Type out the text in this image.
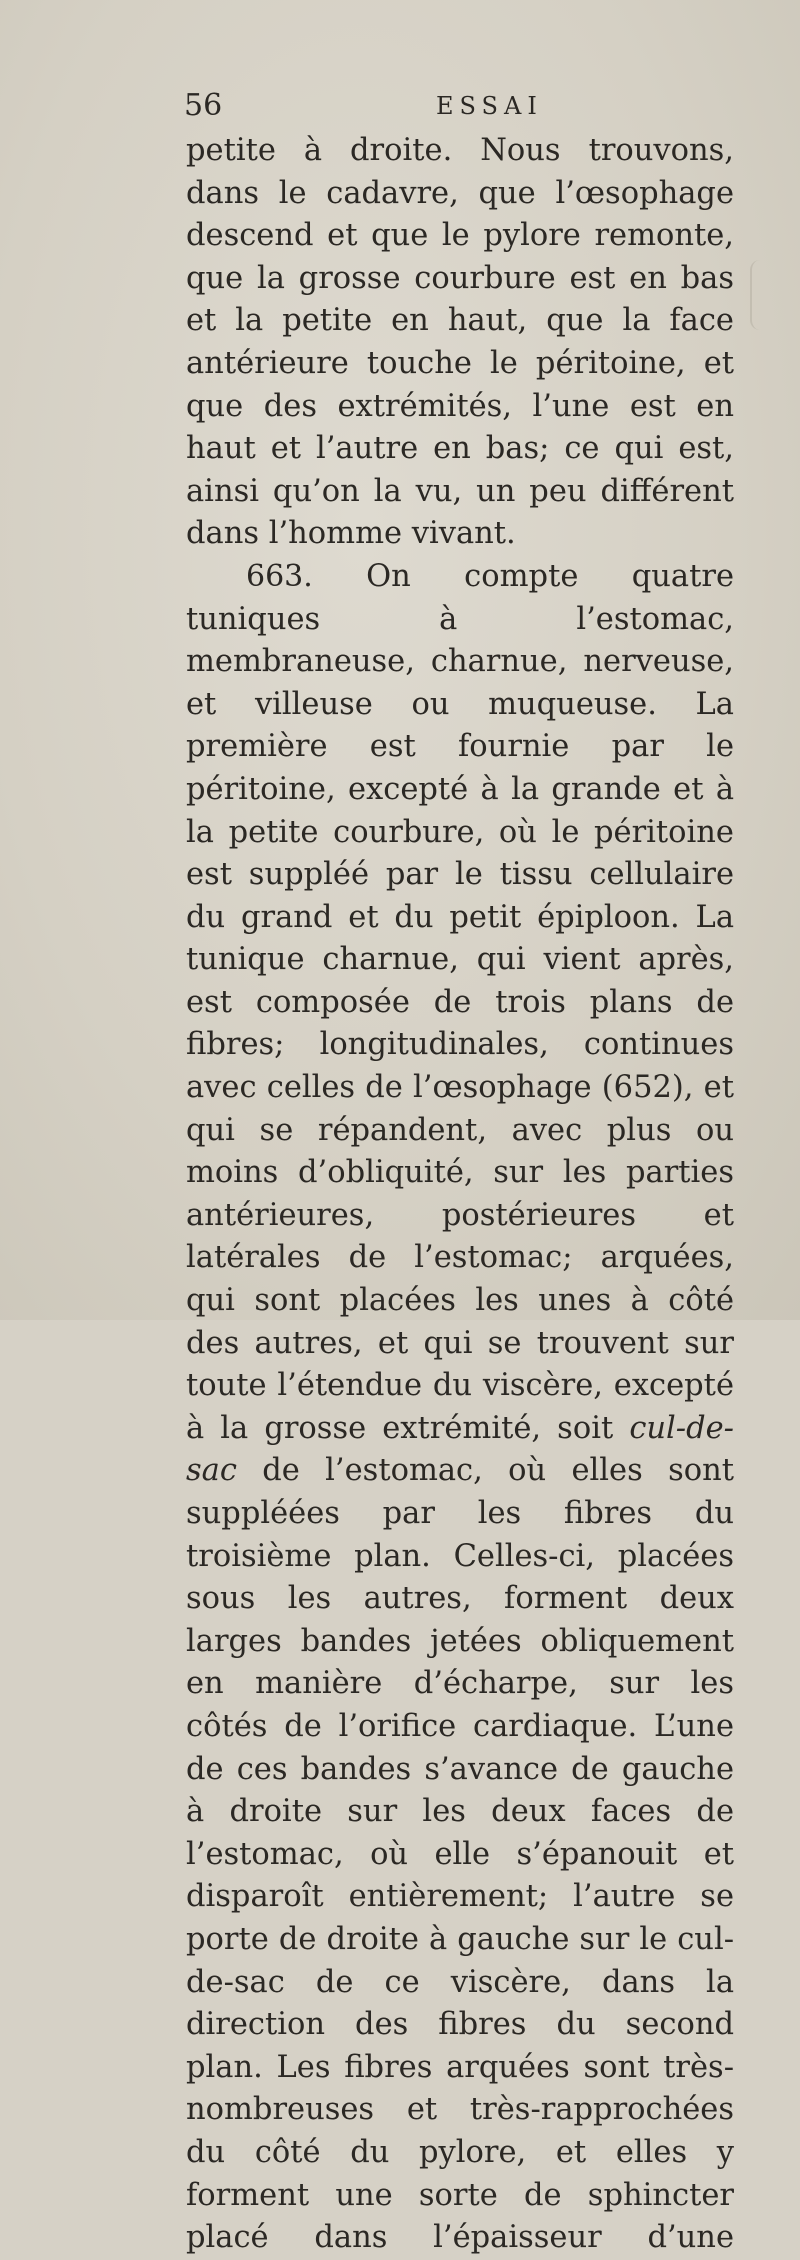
56	ESSAI

petite à droite. Nous trouvons, dans le cadavre, que l’œsophage descend et que le pylore remonte, que la grosse courbure est en bas et la petite en haut, que la face antérieure touche le péritoine, et que des extrémités, l’une est en haut et l’autre en bas; ce qui est, ainsi qu’on la vu, un peu différent dans l’homme vivant.

663. On compte quatre tuniques à l’estomac, membraneuse, charnue, nerveuse, et villeuse ou muqueuse. La première est fournie par le péritoine, excepté à la grande et à la petite courbure, où le péritoine est suppléé par le tissu cellulaire du grand et du petit épiploon. La tunique charnue, qui vient après, est composée de trois plans de fibres; longitudinales, continues avec celles de l’œsophage (652), et qui se répandent, avec plus ou moins d’obliquité, sur les parties antérieures, postérieures et latérales de l’estomac; arquées, qui sont placées les unes à côté des autres, et qui se trouvent sur toute l’étendue du viscère, excepté à la grosse extrémité, soit cul-de-sac de l’estomac, où elles sont suppléées par les fibres du troisième plan. Celles-ci, placées sous les autres, forment deux larges bandes jetées obliquement en manière d’écharpe, sur les côtés de l’orifice cardiaque. L’une de ces bandes s’avance de gauche à droite sur les deux faces de l’estomac, où elle s’épanouit et disparoît entièrement; l’autre se porte de droite à gauche sur le cul-de-sac de ce viscère, dans la direction des fibres du second plan. Les fibres arquées sont très-nombreuses et très-rapprochées du côté du pylore, et elles y forment une sorte de sphincter placé dans l’épaisseur d’une
